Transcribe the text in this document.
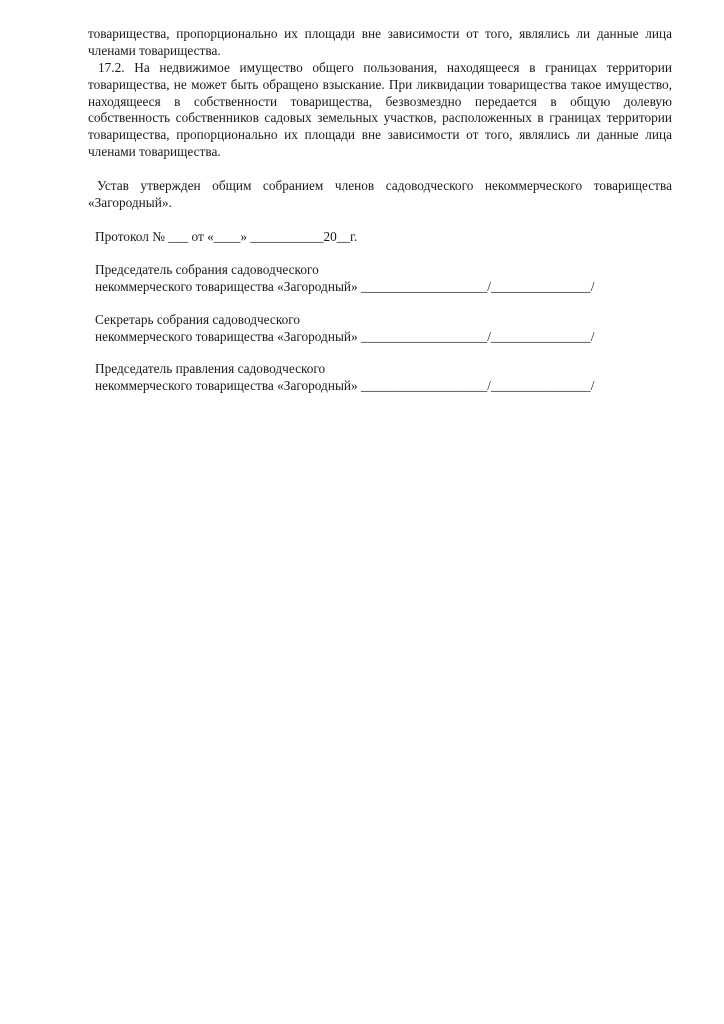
товарищества, пропорционально их площади вне зависимости от того, являлись ли данные лица членами товарищества.

17.2. На недвижимое имущество общего пользования, находящееся в границах территории товарищества, не может быть обращено взыскание. При ликвидации товарищества такое имущество, находящееся в собственности товарищества, безвозмездно передается в общую долевую собственность собственников садовых земельных участков, расположенных в границах территории товарищества, пропорционально их площади вне зависимости от того, являлись ли данные лица членами товарищества.

Устав утвержден общим собранием членов садоводческого некоммерческого товарищества «Загородный».

Протокол № ___ от «____» ___________20__г.
Председатель собрания садоводческого
некоммерческого товарищества «Загородный» ___________________/_______________/
Секретарь собрания садоводческого
некоммерческого товарищества «Загородный» ___________________/_______________/
Председатель правления садоводческого
некоммерческого товарищества «Загородный» ___________________/_______________/
